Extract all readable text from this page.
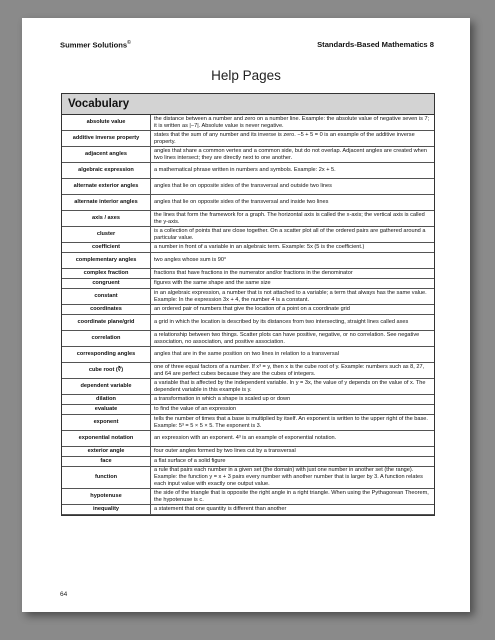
Summer Solutions©	Standards-Based Mathematics 8
Help Pages
Vocabulary
absolute value	the distance between a number and zero on a number line. Example: the absolute value of negative seven is 7; it is written as |−7|. Absolute value is never negative.
additive inverse property	states that the sum of any number and its inverse is zero. −5 + 5 = 0 is an example of the additive inverse property.
adjacent angles	angles that share a common vertex and a common side, but do not overlap. Adjacent angles are created when two lines intersect; they are directly next to one another.
algebraic expression	a mathematical phrase written in numbers and symbols. Example: 2x + 5.
alternate exterior angles	angles that lie on opposite sides of the transversal and outside two lines
alternate interior angles	angles that lie on opposite sides of the transversal and inside two lines
axis / axes	the lines that form the framework for a graph. The horizontal axis is called the x-axis; the vertical axis is called the y-axis.
cluster	is a collection of points that are close together. On a scatter plot all of the ordered pairs are gathered around a particular value.
coefficient	a number in front of a variable in an algebraic term. Example: 5x (5 is the coefficient.)
complementary angles	two angles whose sum is 90°
complex fraction	fractions that have fractions in the numerator and/or fractions in the denominator
congruent	figures with the same shape and the same size
constant	in an algebraic expression, a number that is not attached to a variable; a term that always has the same value. Example: In the expression 3x + 4, the number 4 is a constant.
coordinates	an ordered pair of numbers that give the location of a point on a coordinate grid
coordinate plane/grid	a grid in which the location is described by its distances from two intersecting, straight lines called axes
correlation	a relationship between two things. Scatter plots can have positive, negative, or no correlation. See negative association, no association, and positive association.
corresponding angles	angles that are in the same position on two lines in relation to a transversal
cube root (∛)	one of three equal factors of a number. If x³ = y, then x is the cube root of y. Example: numbers such as 8, 27, and 64 are perfect cubes because they are the cubes of integers.
dependent variable	a variable that is affected by the independent variable. In y = 3x, the value of y depends on the value of x. The dependent variable in this example is y.
dilation	a transformation in which a shape is scaled up or down
evaluate	to find the value of an expression
exponent	tells the number of times that a base is multiplied by itself. An exponent is written to the upper right of the base. Example: 5³ = 5 × 5 × 5. The exponent is 3.
exponential notation	an expression with an exponent. 4³ is an example of exponential notation.
exterior angle	four outer angles formed by two lines cut by a transversal
face	a flat surface of a solid figure
function	a rule that pairs each number in a given set (the domain) with just one number in another set (the range). Example: the function y = x + 3 pairs every number with another number that is larger by 3. A function relates each input value with exactly one output value.
hypotenuse	the side of the triangle that is opposite the right angle in a right triangle. When using the Pythagorean Theorem, the hypotenuse is c.
inequality	a statement that one quantity is different than another
64
